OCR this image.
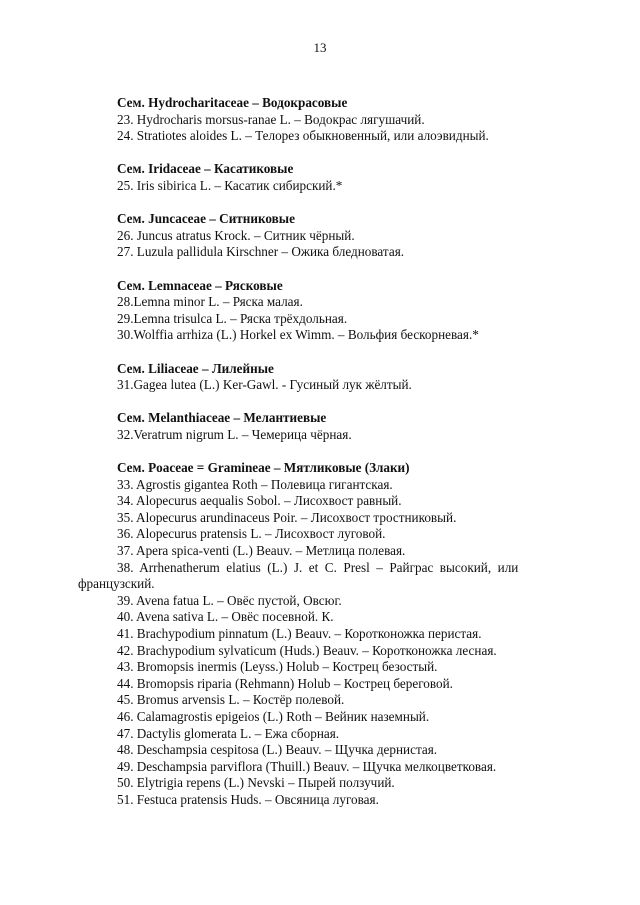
13
Сем. Hydrocharitaceae – Водокрасовые
23. Hydrocharis morsus-ranae L. – Водокрас лягушачий.
24. Stratiotes aloides L. – Телорез обыкновенный, или алоэвидный.
Сем. Iridaceae – Касатиковые
25. Iris sibirica L. – Касатик сибирский.*
Сем. Juncaceae – Ситниковые
26. Juncus atratus Krock. – Ситник чёрный.
27. Luzula pallidula Kirschner – Ожика бледноватая.
Сем. Lemnaceae – Рясковые
28.Lemna minor L. – Ряска малая.
29.Lemna trisulca L. – Ряска трёхдольная.
30.Wolffia arrhiza (L.) Horkel ex Wimm. – Вольфия бескорневая.*
Сем. Liliaceae – Лилейные
31.Gagea lutea (L.) Ker-Gawl. - Гусиный лук жёлтый.
Сем. Melanthiaceae – Мелантиевые
32.Veratrum nigrum L. – Чемерица чёрная.
Сем. Poaceae = Gramineae – Мятликовые (Злаки)
33. Agrostis gigantea Roth – Полевица гигантская.
34. Alopecurus aequalis Sobol. – Лисохвост равный.
35. Alopecurus arundinaceus Poir. – Лисохвост тростниковый.
36. Alopecurus pratensis L. – Лисохвост луговой.
37. Apera spica-venti (L.) Beauv. – Метлица полевая.
38. Arrhenatherum elatius (L.) J. et C. Presl – Райграс высокий, или
французский.
39. Avena fatua L. – Овёс пустой, Овсюг.
40. Avena sativa L. – Овёс посевной. К.
41. Brachypodium pinnatum (L.) Beauv. – Коротконожка перистая.
42. Brachypodium sylvaticum (Huds.) Beauv. – Коротконожка лесная.
43. Bromopsis inermis (Leyss.) Holub – Кострец безостый.
44. Bromopsis riparia (Rehmann) Holub – Кострец береговой.
45. Bromus arvensis L. – Костёр полевой.
46. Calamagrostis epigeios (L.) Roth – Вейник наземный.
47. Dactylis glomerata L. – Ежа сборная.
48. Deschampsia cespitosa (L.) Beauv. – Щучка дернистая.
49. Deschampsia parviflora (Thuill.) Beauv. – Щучка мелкоцветковая.
50. Elytrigia repens (L.) Nevski – Пырей ползучий.
51. Festuca pratensis Huds. – Овсяница луговая.
